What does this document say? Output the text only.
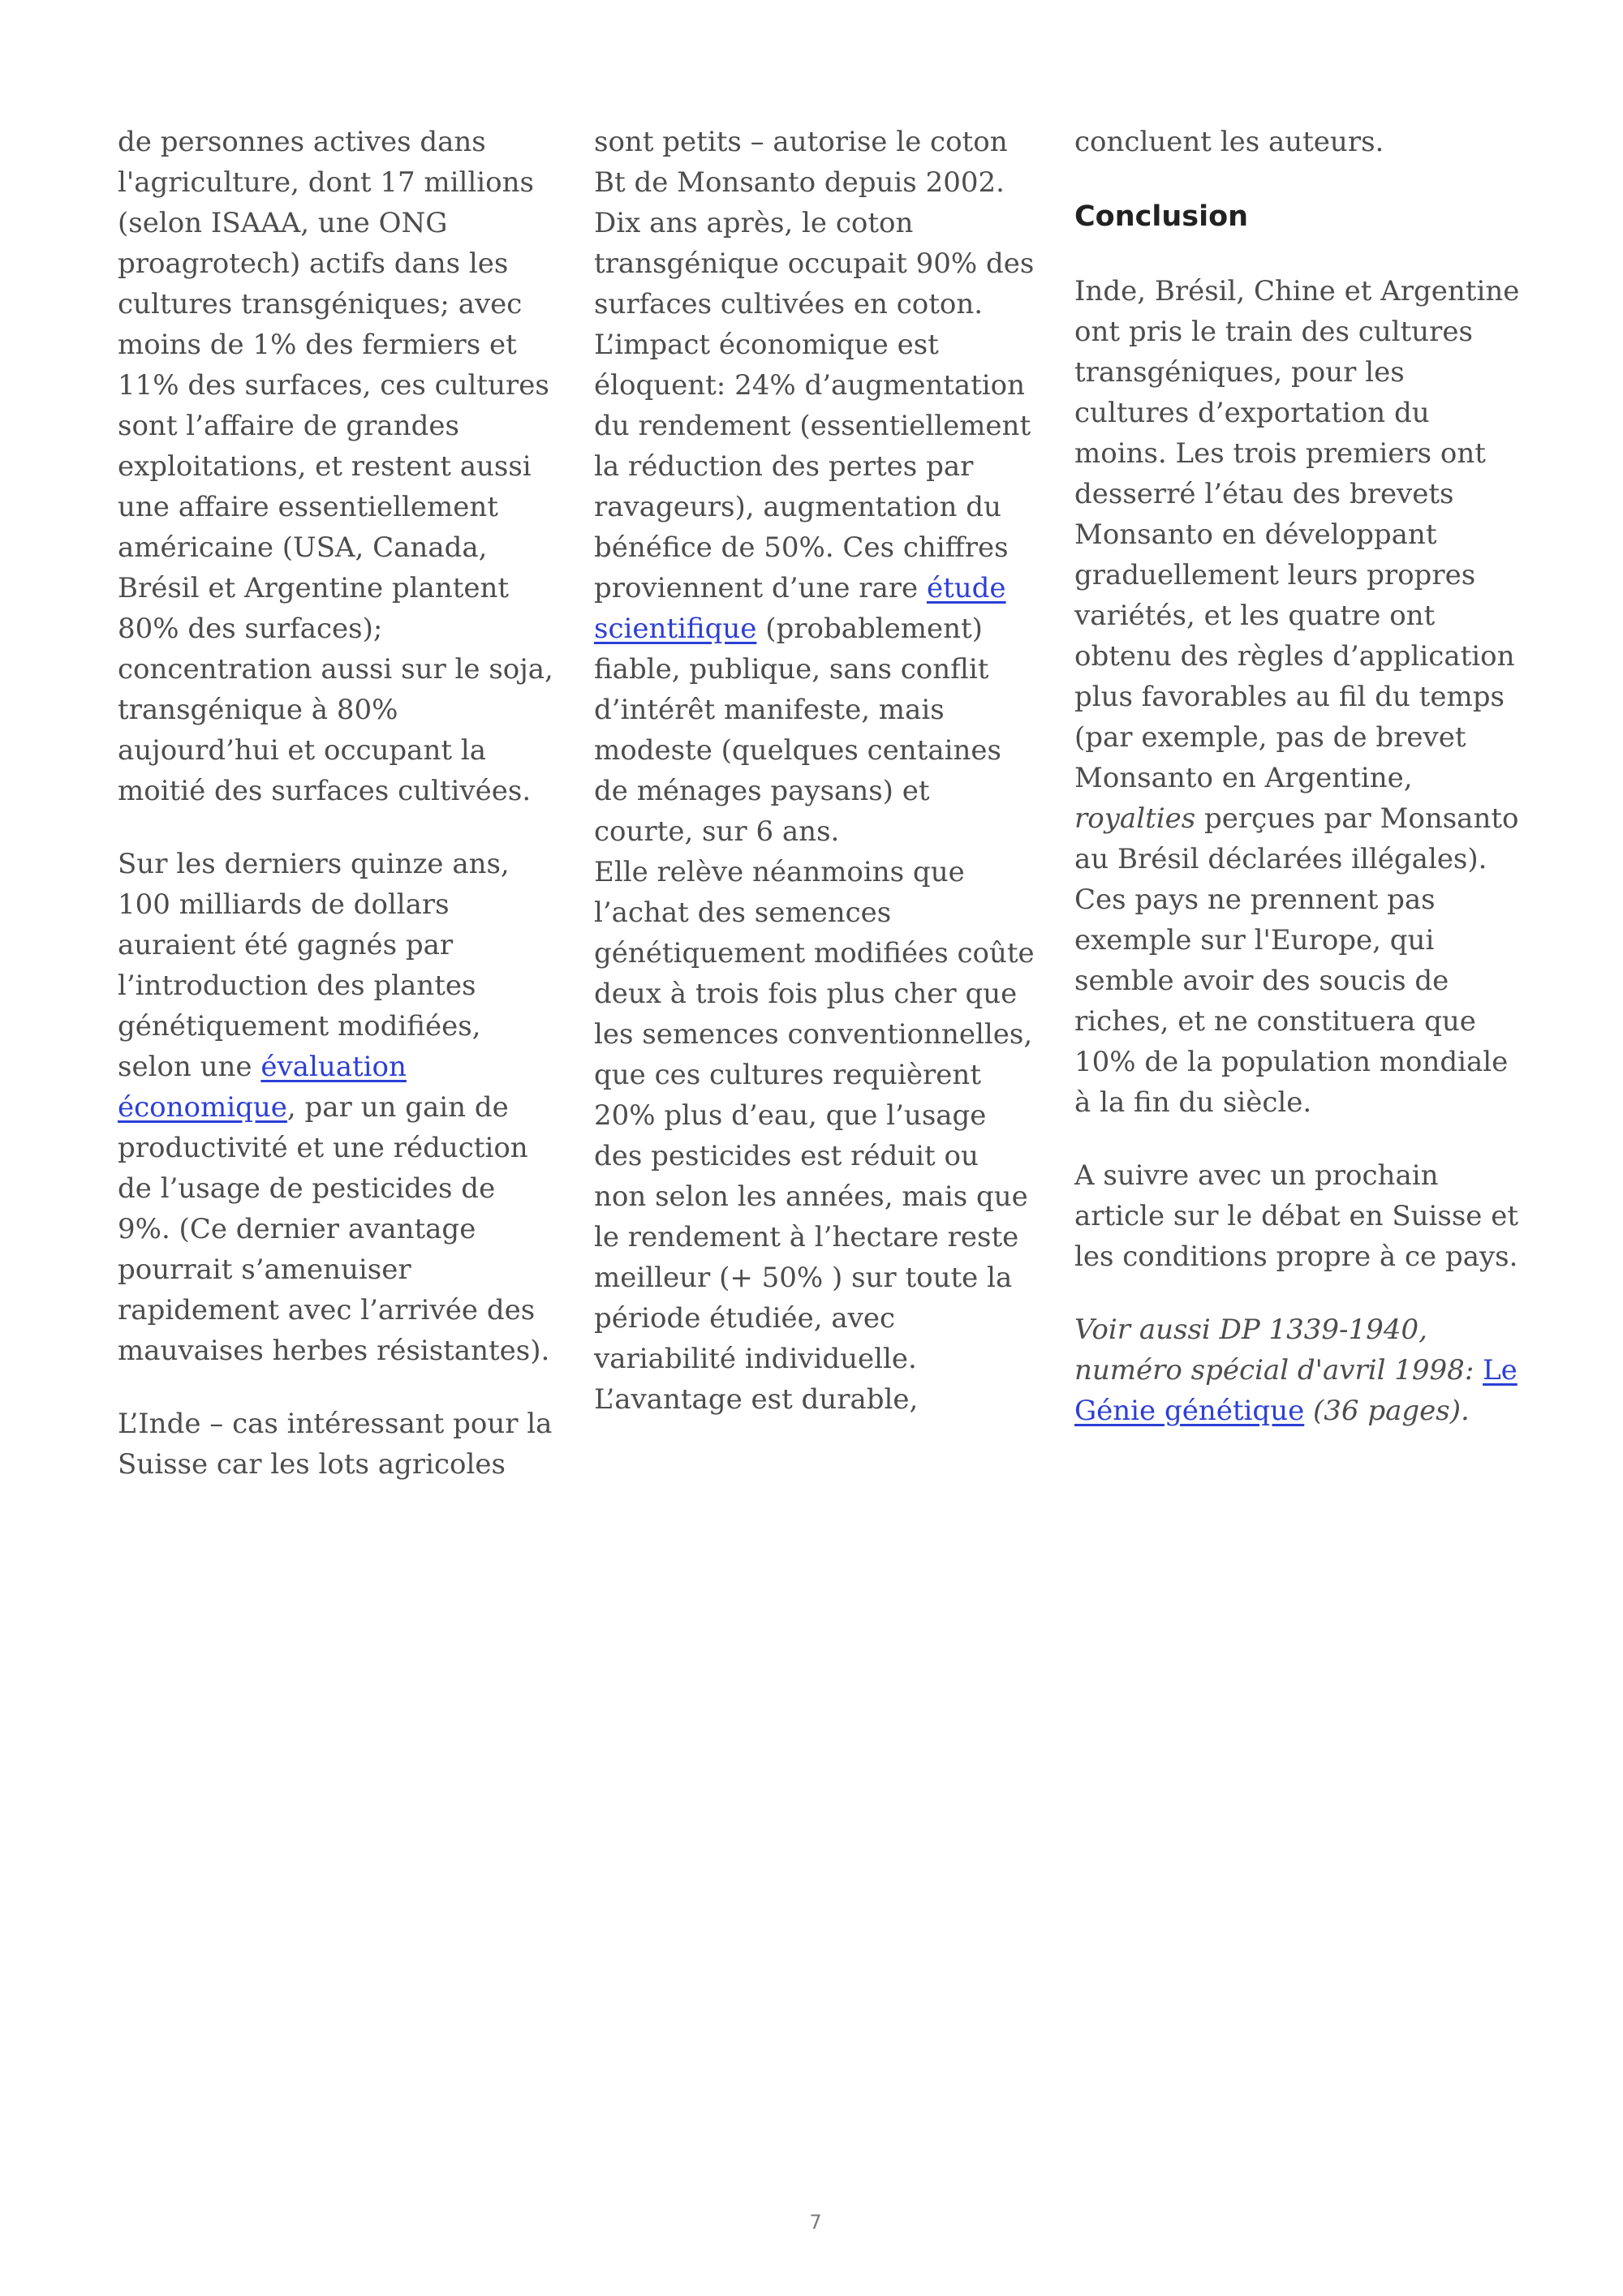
de personnes actives dans l'agriculture, dont 17 millions (selon ISAAA, une ONG proagrotech) actifs dans les cultures transgéniques; avec moins de 1% des fermiers et 11% des surfaces, ces cultures sont l’affaire de grandes exploitations, et restent aussi une affaire essentiellement américaine (USA, Canada, Brésil et Argentine plantent 80% des surfaces); concentration aussi sur le soja, transgénique à 80% aujourd’hui et occupant la moitié des surfaces cultivées.

Sur les derniers quinze ans, 100 milliards de dollars auraient été gagnés par l’introduction des plantes génétiquement modifiées, selon une évaluation économique, par un gain de productivité et une réduction de l’usage de pesticides de 9%. (Ce dernier avantage pourrait s’amenuiser rapidement avec l’arrivée des mauvaises herbes résistantes).

L’Inde – cas intéressant pour la Suisse car les lots agricoles

sont petits – autorise le coton Bt de Monsanto depuis 2002. Dix ans après, le coton transgénique occupait 90% des surfaces cultivées en coton. L’impact économique est éloquent: 24% d’augmentation du rendement (essentiellement la réduction des pertes par ravageurs), augmentation du bénéfice de 50%. Ces chiffres proviennent d’une rare étude scientifique (probablement) fiable, publique, sans conflit d’intérêt manifeste, mais modeste (quelques centaines de ménages paysans) et courte, sur 6 ans.

Elle relève néanmoins que l’achat des semences génétiquement modifiées coûte deux à trois fois plus cher que les semences conventionnelles, que ces cultures requièrent 20% plus d’eau, que l’usage des pesticides est réduit ou non selon les années, mais que le rendement à l’hectare reste meilleur (+ 50% ) sur toute la période étudiée, avec variabilité individuelle.

L’avantage est durable,

concluent les auteurs.

Conclusion

Inde, Brésil, Chine et Argentine ont pris le train des cultures transgéniques, pour les cultures d’exportation du moins. Les trois premiers ont desserré l’étau des brevets Monsanto en développant graduellement leurs propres variétés, et les quatre ont obtenu des règles d’application plus favorables au fil du temps (par exemple, pas de brevet Monsanto en Argentine, royalties perçues par Monsanto au Brésil déclarées illégales). Ces pays ne prennent pas exemple sur l'Europe, qui semble avoir des soucis de riches, et ne constituera que 10% de la population mondiale à la fin du siècle.

A suivre avec un prochain article sur le débat en Suisse et les conditions propre à ce pays.

Voir aussi DP 1339-1940, numéro spécial d'avril 1998: Le Génie génétique (36 pages).

7
